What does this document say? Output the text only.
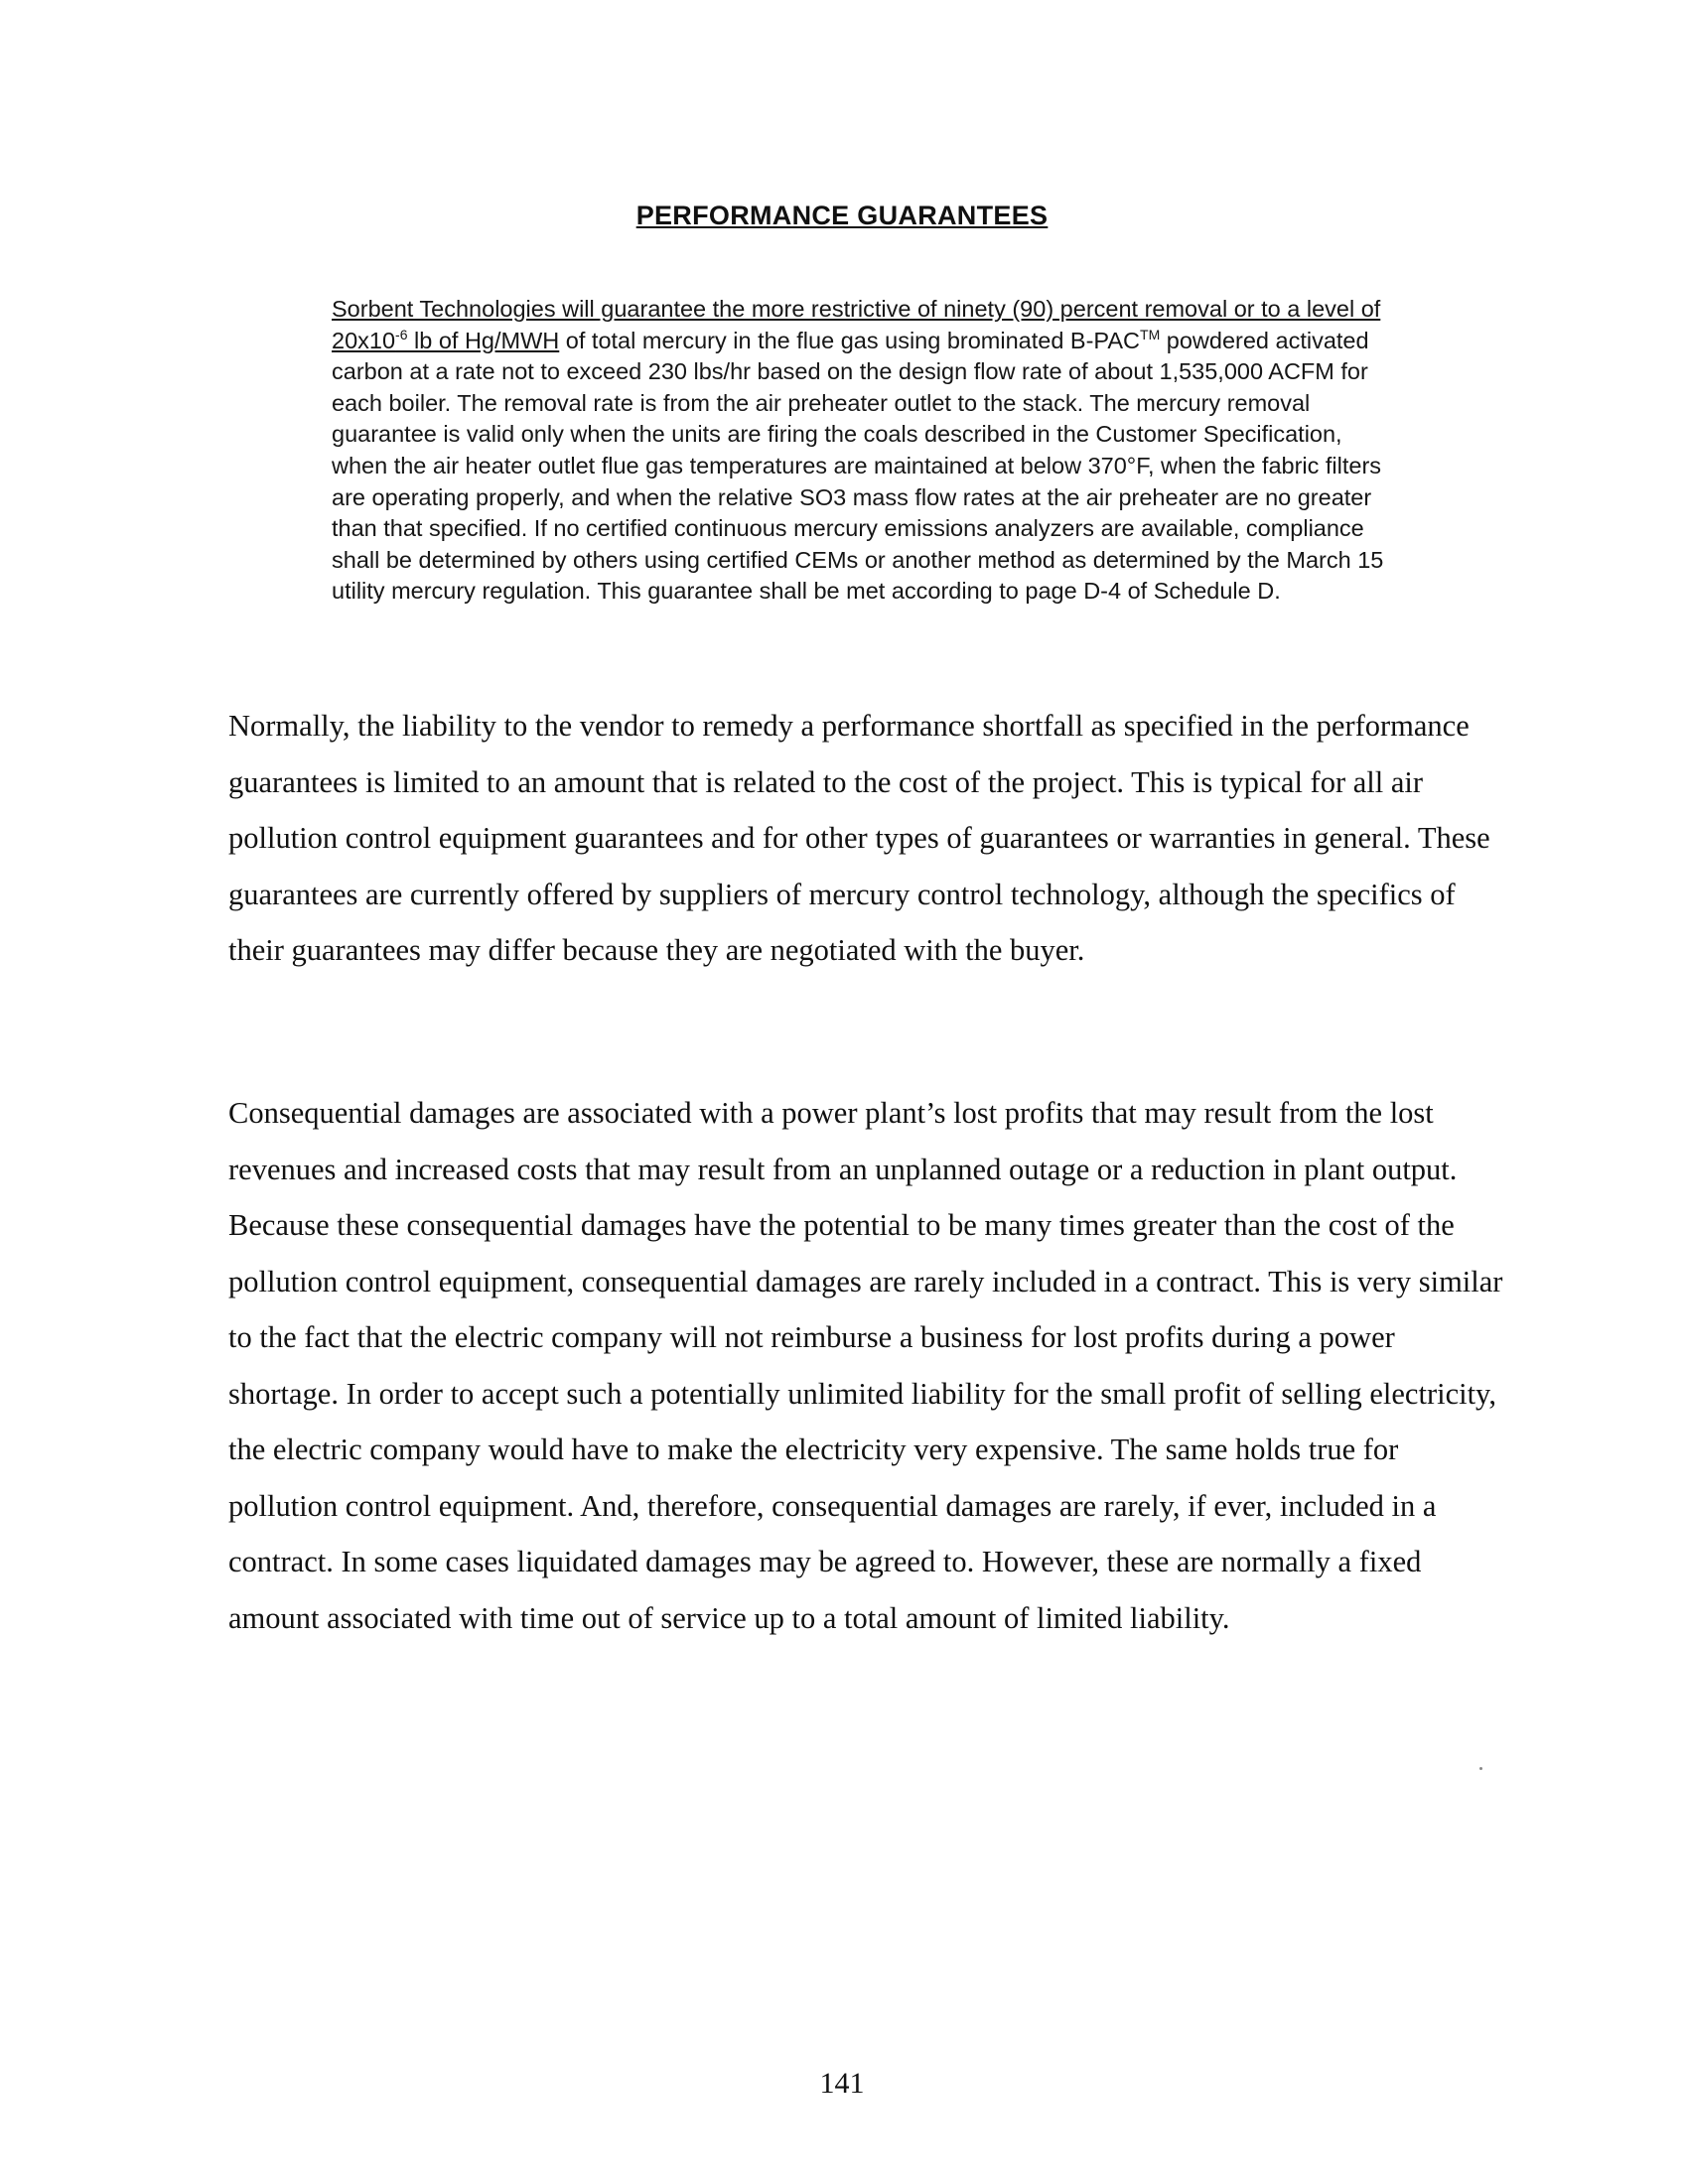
PERFORMANCE GUARANTEES

Sorbent Technologies will guarantee the more restrictive of ninety (90) percent removal or to a level of $20x10^{-6}$ lb of Hg/MWH of total mercury in the flue gas using brominated B-PAC™ powdered activated carbon at a rate not to exceed 230 lbs/hr based on the design flow rate of about 1,535,000 ACFM for each boiler. The removal rate is from the air preheater outlet to the stack. The mercury removal guarantee is valid only when the units are firing the coals described in the Customer Specification, when the air heater outlet flue gas temperatures are maintained at below 370°F, when the fabric filters are operating properly, and when the relative SO3 mass flow rates at the air preheater are no greater than that specified. If no certified continuous mercury emissions analyzers are available, compliance shall be determined by others using certified CEMs or another method as determined by the March 15 utility mercury regulation. This guarantee shall be met according to page D-4 of Schedule D.

Normally, the liability to the vendor to remedy a performance shortfall as specified in the performance guarantees is limited to an amount that is related to the cost of the project. This is typical for all air pollution control equipment guarantees and for other types of guarantees or warranties in general. These guarantees are currently offered by suppliers of mercury control technology, although the specifics of their guarantees may differ because they are negotiated with the buyer.

Consequential damages are associated with a power plant’s lost profits that may result from the lost revenues and increased costs that may result from an unplanned outage or a reduction in plant output. Because these consequential damages have the potential to be many times greater than the cost of the pollution control equipment, consequential damages are rarely included in a contract. This is very similar to the fact that the electric company will not reimburse a business for lost profits during a power shortage. In order to accept such a potentially unlimited liability for the small profit of selling electricity, the electric company would have to make the electricity very expensive. The same holds true for pollution control equipment. And, therefore, consequential damages are rarely, if ever, included in a contract. In some cases liquidated damages may be agreed to. However, these are normally a fixed amount associated with time out of service up to a total amount of limited liability.

141
